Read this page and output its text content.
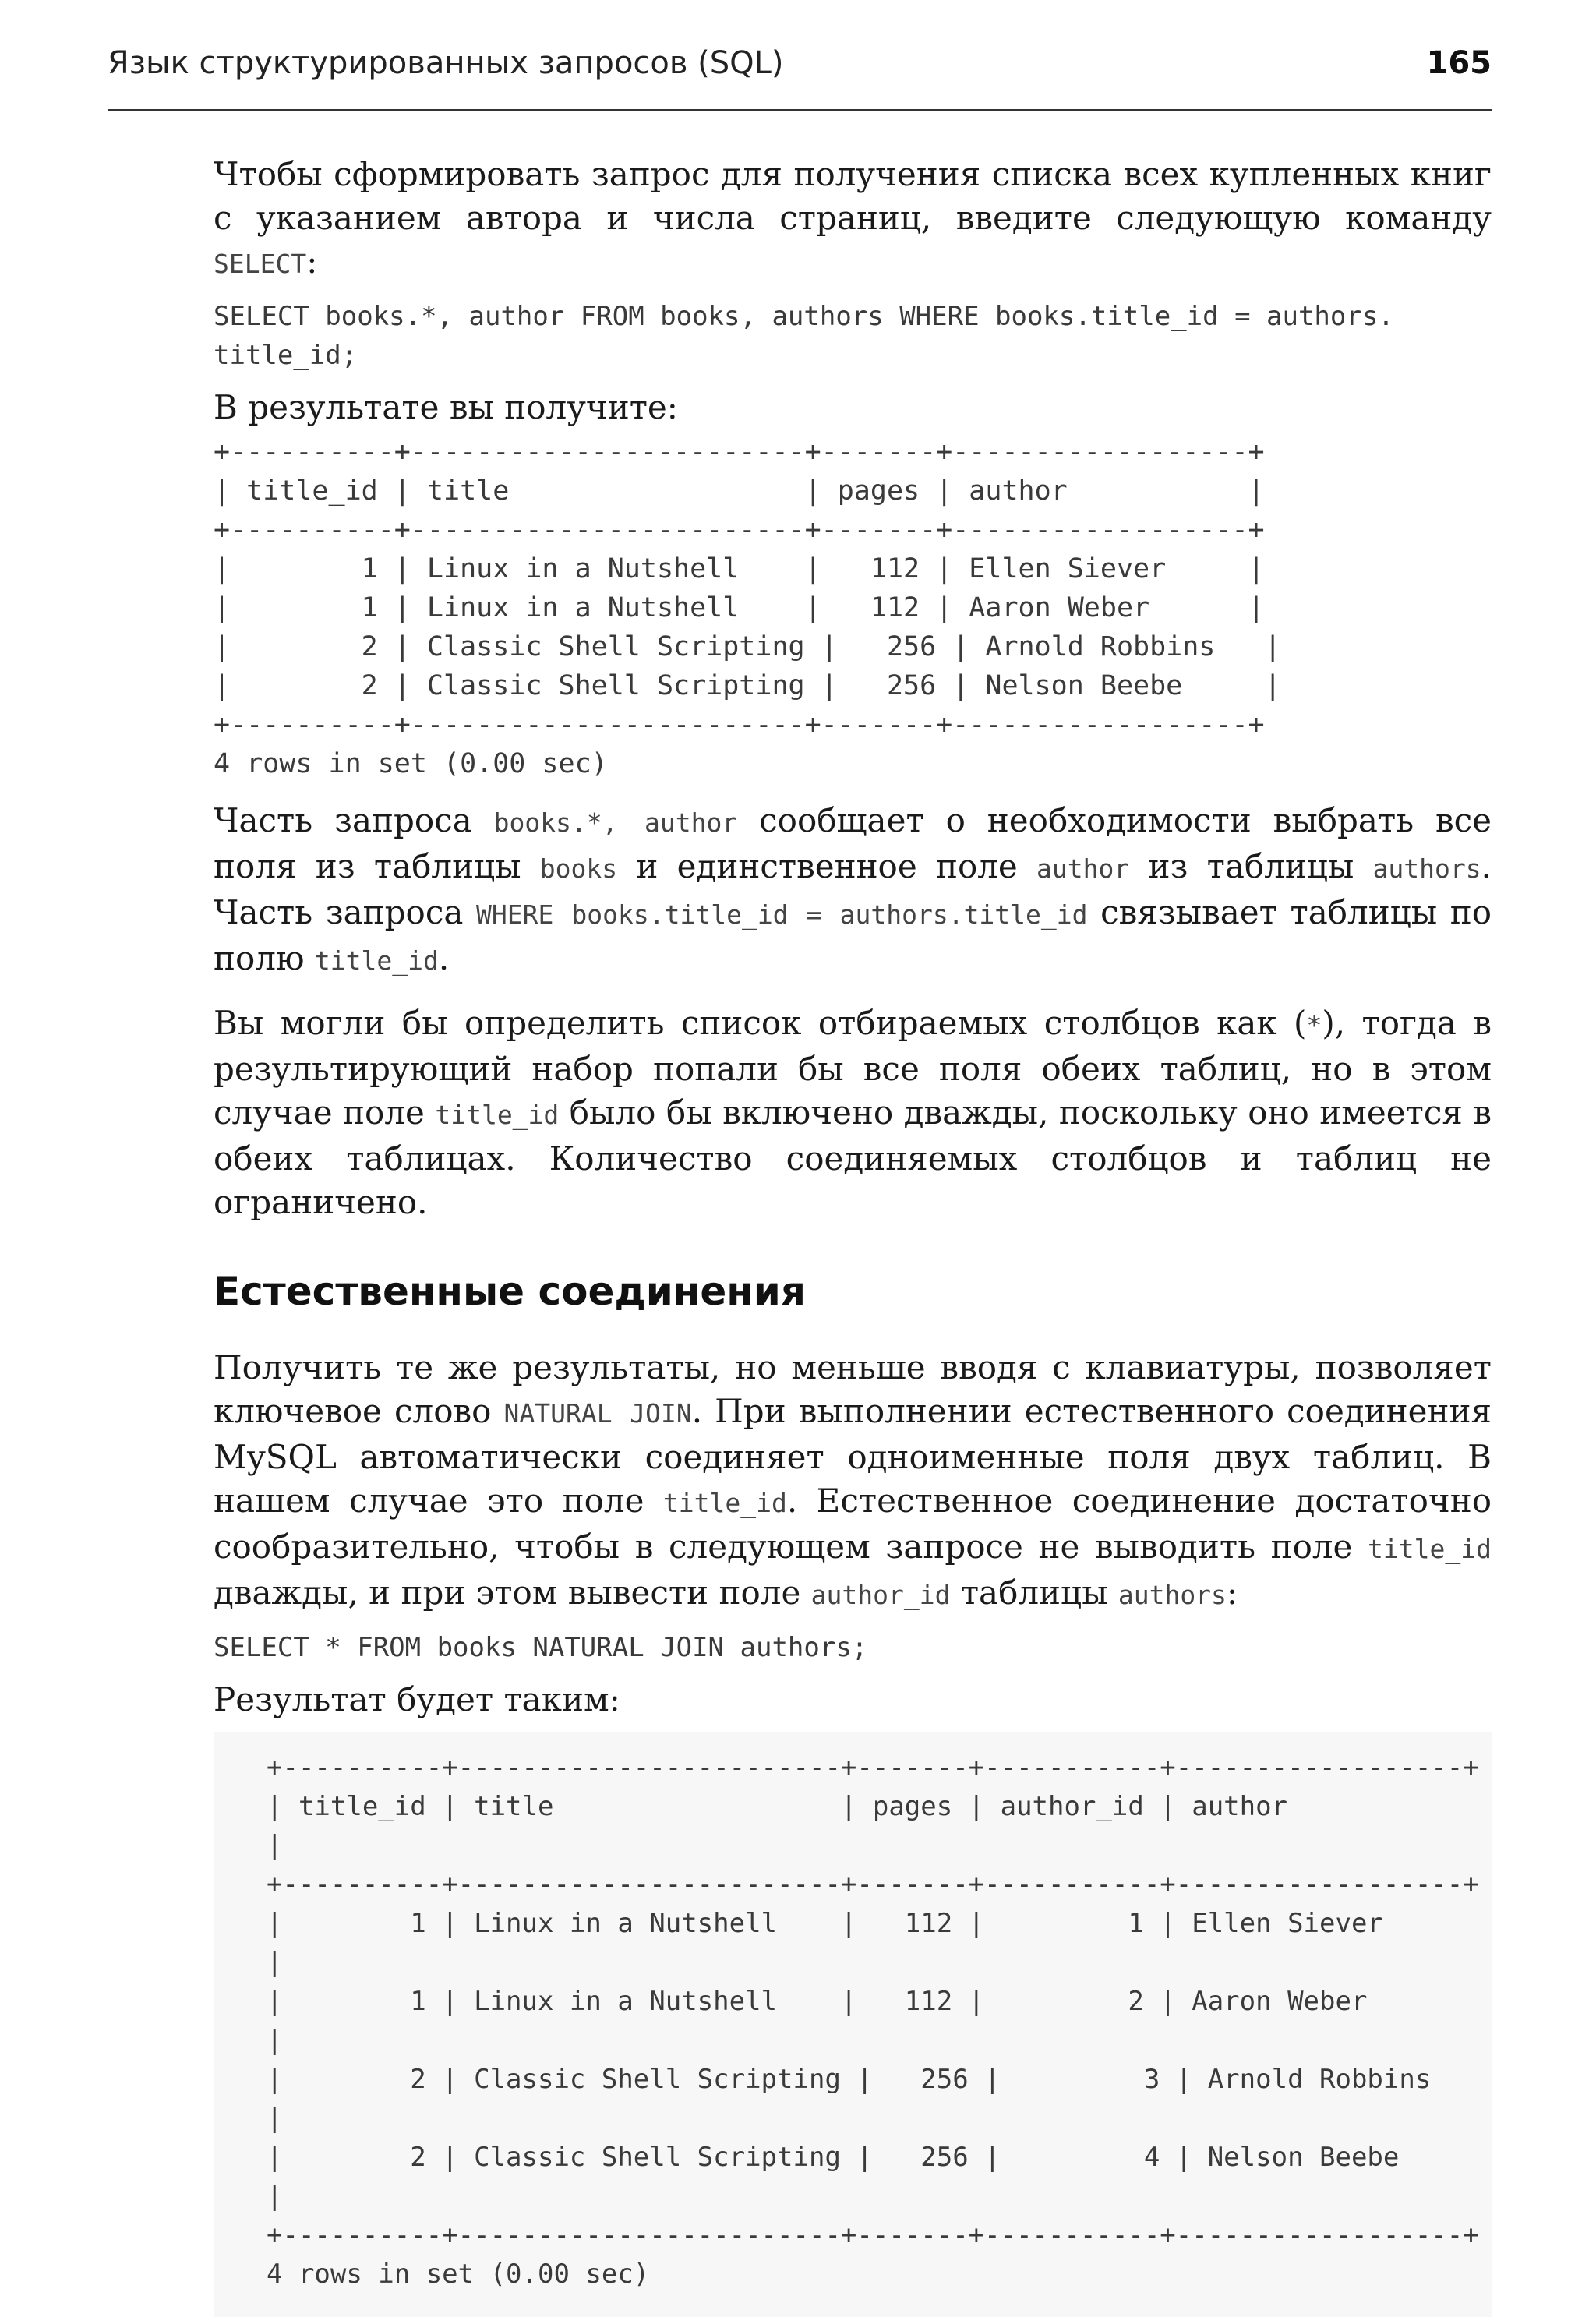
Язык структурированных запросов (SQL)	165

Чтобы сформировать запрос для получения списка всех купленных книг с указанием автора и числа страниц, введите следующую команду SELECT:

SELECT books.*, author FROM books, authors WHERE books.title_id = authors.
title_id;

В результате вы получите:

+----------+------------------------+-------+------------------+
| title_id | title                  | pages | author           |
+----------+------------------------+-------+------------------+
|        1 | Linux in a Nutshell    |   112 | Ellen Siever     |
|        1 | Linux in a Nutshell    |   112 | Aaron Weber      |
|        2 | Classic Shell Scripting |   256 | Arnold Robbins   |
|        2 | Classic Shell Scripting |   256 | Nelson Beebe     |
+----------+------------------------+-------+------------------+
4 rows in set (0.00 sec)

Часть запроса books.*, author сообщает о необходимости выбрать все поля из таблицы books и единственное поле author из таблицы authors. Часть запроса WHERE books.title_id = authors.title_id связывает таблицы по полю title_id.

Вы могли бы определить список отбираемых столбцов как (*), тогда в результирующий набор попали бы все поля обеих таблиц, но в этом случае поле title_id было бы включено дважды, поскольку оно имеется в обеих таблицах. Количество соединяемых столбцов и таблиц не ограничено.

Естественные соединения

Получить те же результаты, но меньше вводя с клавиатуры, позволяет ключевое слово NATURAL JOIN. При выполнении естественного соединения MySQL автоматически соединяет одноименные поля двух таблиц. В нашем случае это поле title_id. Естественное соединение достаточно сообразительно, чтобы в следующем запросе не выводить поле title_id дважды, и при этом вывести поле author_id таблицы authors:

SELECT * FROM books NATURAL JOIN authors;

Результат будет таким:

+----------+------------------------+-------+-----------+------------------+
| title_id | title                  | pages | author_id | author
|
+----------+------------------------+-------+-----------+------------------+
|        1 | Linux in a Nutshell    |   112 |         1 | Ellen Siever
|
|        1 | Linux in a Nutshell    |   112 |         2 | Aaron Weber
|
|        2 | Classic Shell Scripting |   256 |         3 | Arnold Robbins
|
|        2 | Classic Shell Scripting |   256 |         4 | Nelson Beebe
|
+----------+------------------------+-------+-----------+------------------+
4 rows in set (0.00 sec)
